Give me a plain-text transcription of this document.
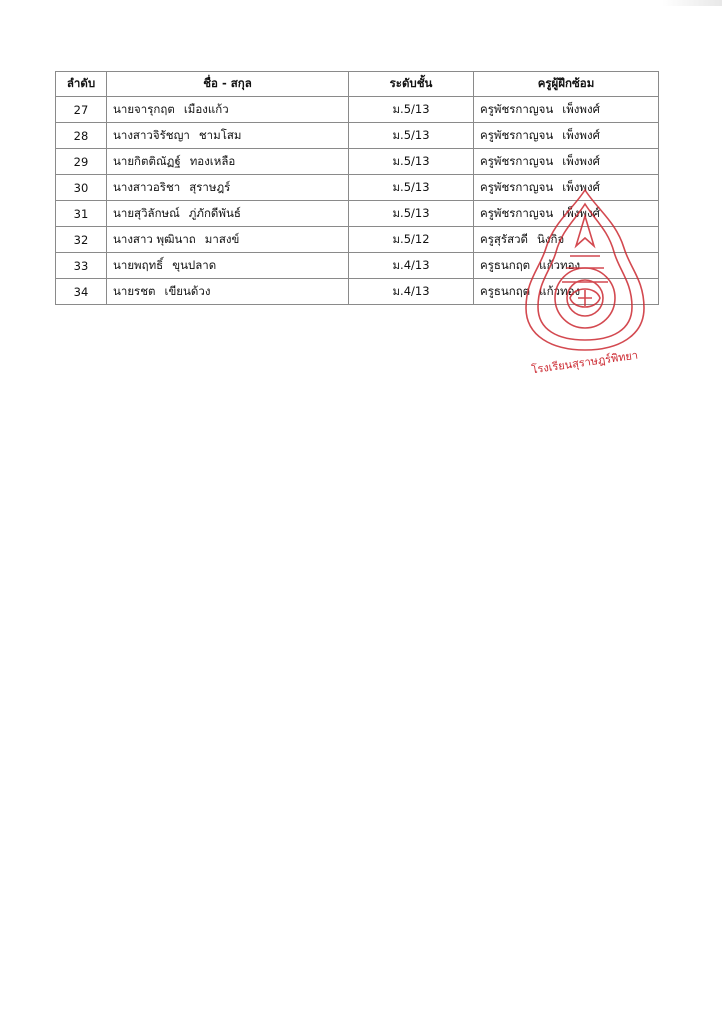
ลำดับ	ชื่อ - สกุล	ระดับชั้น	ครูผู้ฝึกซ้อม
27	นายจารุกฤต เมืองแก้ว	ม.5/13	ครูพัชรกาญจน เพ็งพงศ์
28	นางสาวจิรัชญา ชามโสม	ม.5/13	ครูพัชรกาญจน เพ็งพงศ์
29	นายกิตติณัฏฐ์ ทองเหลือ	ม.5/13	ครูพัชรกาญจน เพ็งพงศ์
30	นางสาวอริชา สุราษฎร์	ม.5/13	ครูพัชรกาญจน เพ็งพงศ์
31	นายสุวิลักษณ์ ภู่ภักดีพันธ์	ม.5/13	ครูพัชรกาญจน เพ็งพงศ์
32	นางสาว พุฒินาถ มาสงข์	ม.5/12	ครูสุรัสวดี นิงกิจ
33	นายพฤทธิ์ ขุนปลาด	ม.4/13	ครูธนกฤต แก้วทอง
34	นายรชต เขียนด้วง	ม.4/13	ครูธนกฤต แก้วทอง
โรงเรียนสุราษฎร์พิทยา
